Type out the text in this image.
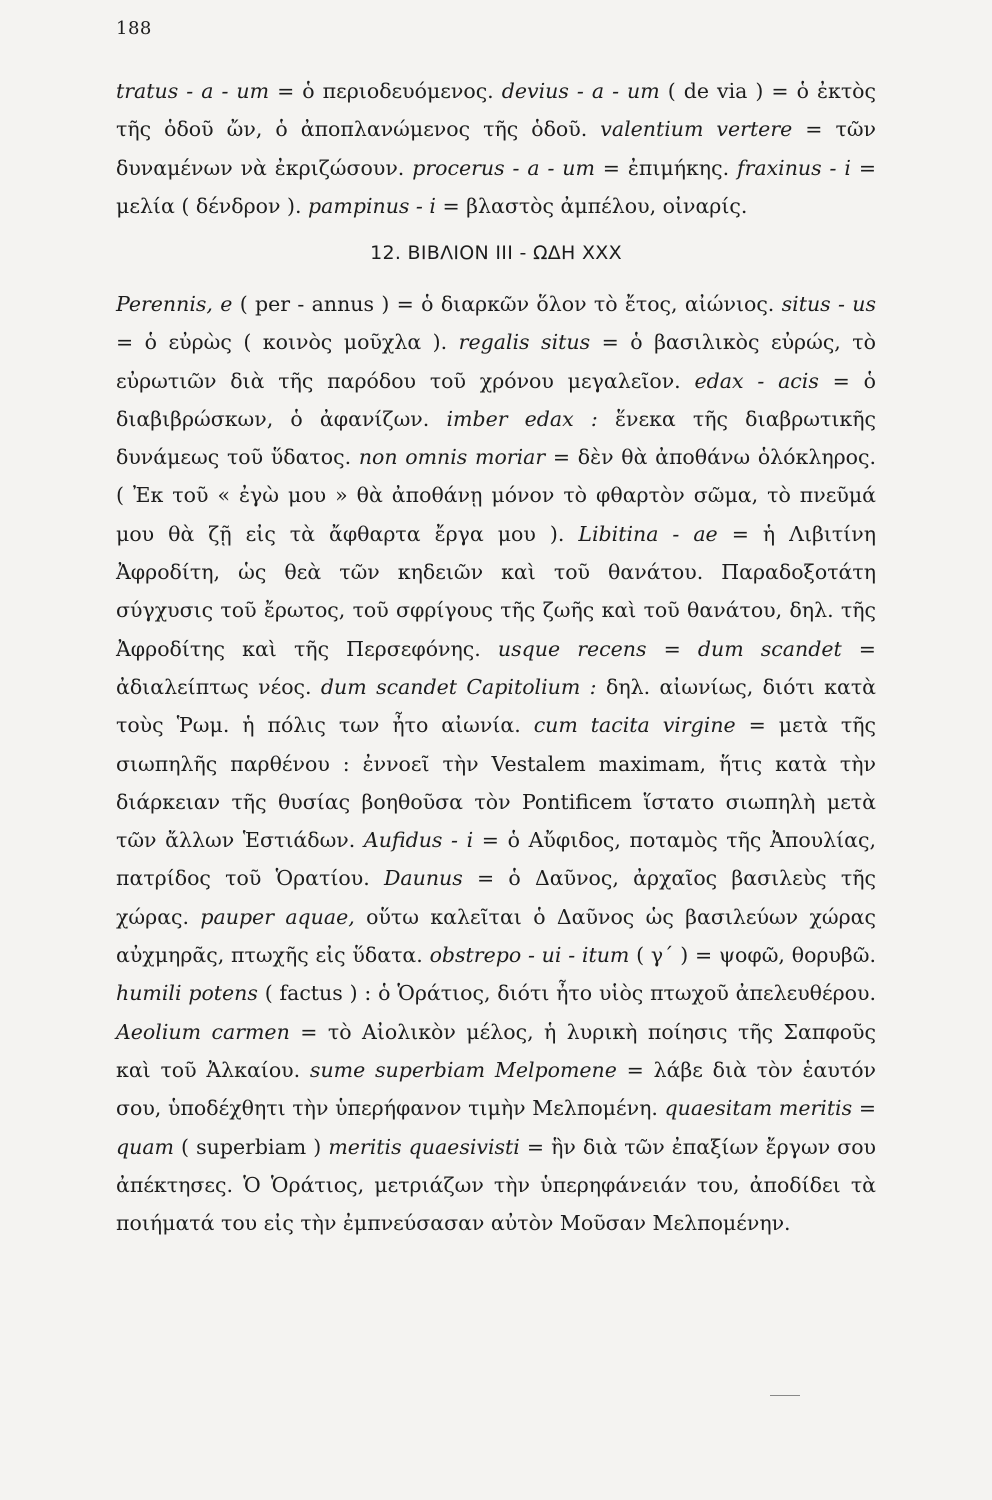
188

tratus - a - um = ὁ περιοδευόμενος. devius - a - um ( de via ) = ὁ ἐκτὸς τῆς ὁδοῦ ὤν, ὁ ἀποπλανώμενος τῆς ὁδοῦ. valentium vertere = τῶν δυναμένων νὰ ἐκριζώσουν. procerus - a - um = ἐπιμήκης. fraxinus - i = μελία ( δένδρον ). pampinus - i = βλαστὸς ἀμπέλου, οἰναρίς.

12. ΒΙΒΛΙΟΝ III - ΩΔΗ XXX

Perennis, e ( per - annus ) = ὁ διαρκῶν ὅλον τὸ ἔτος, αἰώνιος. situs - us = ὁ εὐρὼς ( κοινὸς μοῦχλα ). regalis situs = ὁ βασιλικὸς εὐρώς, τὸ εὐρωτιῶν διὰ τῆς παρόδου τοῦ χρόνου μεγαλεῖον. edax - acis = ὁ διαβιβρώσκων, ὁ ἀφανίζων. imber edax : ἕνεκα τῆς διαβρωτικῆς δυνάμεως τοῦ ὕδατος. non omnis moriar = δὲν θὰ ἀποθάνω ὁλόκληρος. ( Ἐκ τοῦ « ἐγὼ μου » θὰ ἀποθάνῃ μόνον τὸ φθαρτὸν σῶμα, τὸ πνεῦμά μου θὰ ζῇ εἰς τὰ ἄφθαρτα ἔργα μου ). Libitina - ae = ἡ Λιβιτίνη Ἀφροδίτη, ὡς θεὰ τῶν κηδειῶν καὶ τοῦ θανάτου. Παραδοξοτάτη σύγχυσις τοῦ ἔρωτος, τοῦ σφρίγους τῆς ζωῆς καὶ τοῦ θανάτου, δηλ. τῆς Ἀφροδίτης καὶ τῆς Περσεφόνης. usque recens = dum scandet = ἀδιαλείπτως νέος. dum scandet Capitolium : δηλ. αἰωνίως, διότι κατὰ τοὺς Ῥωμ. ἡ πόλις των ἦτο αἰωνία. cum tacita virgine = μετὰ τῆς σιωπηλῆς παρθένου : ἐννοεῖ τὴν Vestalem maximam, ἥτις κατὰ τὴν διάρκειαν τῆς θυσίας βοηθοῦσα τὸν Pontificem ἵστατο σιωπηλὴ μετὰ τῶν ἄλλων Ἑστιάδων. Aufidus - i = ὁ Αὔφιδος, ποταμὸς τῆς Ἀπουλίας, πατρίδος τοῦ Ὁρατίου. Daunus = ὁ Δαῦνος, ἀρχαῖος βασιλεὺς τῆς χώρας. pauper aquae, οὕτω καλεῖται ὁ Δαῦνος ὡς βασιλεύων χώρας αὐχμηρᾶς, πτωχῆς εἰς ὕδατα. obstrepo - ui - itum ( γ´ ) = ψοφῶ, θορυβῶ. humili potens ( factus ) : ὁ Ὁράτιος, διότι ἦτο υἱὸς πτωχοῦ ἀπελευθέρου. Aeolium carmen = τὸ Αἰολικὸν μέλος, ἡ λυρικὴ ποίησις τῆς Σαπφοῦς καὶ τοῦ Ἀλκαίου. sume superbiam Melpomene = λάβε διὰ τὸν ἑαυτόν σου, ὑποδέχθητι τὴν ὑπερήφανον τιμὴν Μελπομένη. quaesitam meritis = quam ( superbiam ) meritis quaesivisti = ἣν διὰ τῶν ἐπαξίων ἔργων σου ἀπέκτησες. Ὁ Ὁράτιος, μετριάζων τὴν ὑπερηφάνειάν του, ἀποδίδει τὰ ποιήματά του εἰς τὴν ἐμπνεύσασαν αὐτὸν Μοῦσαν Μελπομένην.
